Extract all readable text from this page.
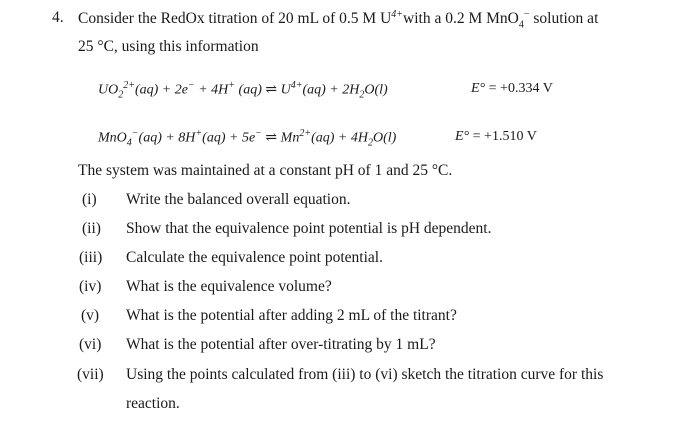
4. Consider the RedOx titration of 20 mL of 0.5 M $U^{4+}with$ a 0.2 M MnO$_4$− solution at
25 °C, using this information
$UO_2^{2+}(aq) + 2e^- + 4H^+$ (aq) ⇌ $U^{4+}(aq) + 2H_2O(l)$	E° = +0.334 V
MnO$_4$−(aq) + 8H+(aq) + 5e− ⇌ $Mn^{2+}(aq) + 4H_2O(l)$	E° = +1.510 V
The system was maintained at a constant pH of 1 and 25 °C.
(i) Write the balanced overall equation.
(ii) Show that the equivalence point potential is pH dependent.
(iii) Calculate the equivalence point potential.
(iv) What is the equivalence volume?
(v) What is the potential after adding 2 mL of the titrant?
(vi) What is the potential after over-titrating by 1 mL?
(vii) Using the points calculated from (iii) to (vi) sketch the titration curve for this
reaction.
